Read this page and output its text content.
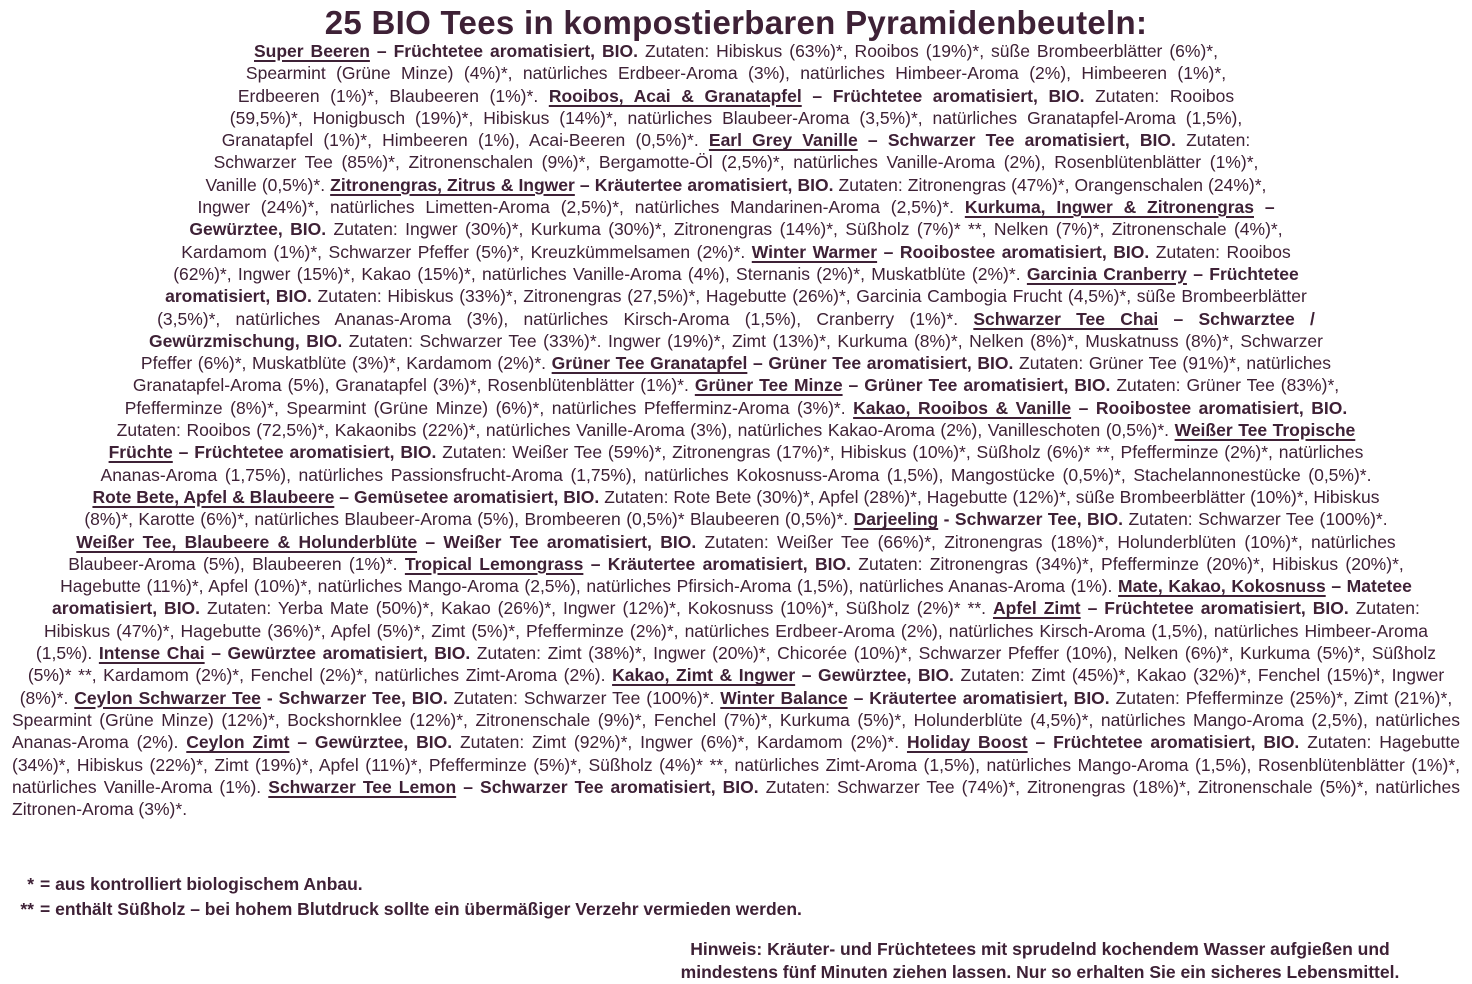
25 BIO Tees in kompostierbaren Pyramidenbeuteln:

Super Beeren – Früchtetee aromatisiert, BIO. Zutaten: Hibiskus (63%)*, Rooibos (19%)*, süße Brombeerblätter (6%)*, Spearmint (Grüne Minze) (4%)*, natürliches Erdbeer-Aroma (3%), natürliches Himbeer-Aroma (2%), Himbeeren (1%)*, Erdbeeren (1%)*, Blaubeeren (1%)*. Rooibos, Acai & Granatapfel – Früchtetee aromatisiert, BIO. Zutaten: Rooibos (59,5%)*, Honigbusch (19%)*, Hibiskus (14%)*, natürliches Blaubeer-Aroma (3,5%)*, natürliches Granatapfel-Aroma (1,5%), Granatapfel (1%)*, Himbeeren (1%), Acai-Beeren (0,5%)*. Earl Grey Vanille – Schwarzer Tee aromatisiert, BIO. Zutaten: Schwarzer Tee (85%)*, Zitronenschalen (9%)*, Bergamotte-Öl (2,5%)*, natürliches Vanille-Aroma (2%), Rosenblütenblätter (1%)*, Vanille (0,5%)*. Zitronengras, Zitrus & Ingwer – Kräutertee aromatisiert, BIO. Zutaten: Zitronengras (47%)*, Orangenschalen (24%)*, Ingwer (24%)*, natürliches Limetten-Aroma (2,5%)*, natürliches Mandarinen-Aroma (2,5%)*. Kurkuma, Ingwer & Zitronengras – Gewürztee, BIO. Zutaten: Ingwer (30%)*, Kurkuma (30%)*, Zitronengras (14%)*, Süßholz (7%)* **, Nelken (7%)*, Zitronenschale (4%)*, Kardamom (1%)*, Schwarzer Pfeffer (5%)*, Kreuzkümmelsamen (2%)*. Winter Warmer – Rooibostee aromatisiert, BIO. Zutaten: Rooibos (62%)*, Ingwer (15%)*, Kakao (15%)*, natürliches Vanille-Aroma (4%), Sternanis (2%)*, Muskatblüte (2%)*. Garcinia Cranberry – Früchtetee aromatisiert, BIO. Zutaten: Hibiskus (33%)*, Zitronengras (27,5%)*, Hagebutte (26%)*, Garcinia Cambogia Frucht (4,5%)*, süße Brombeerblätter (3,5%)*, natürliches Ananas-Aroma (3%), natürliches Kirsch-Aroma (1,5%), Cranberry (1%)*. Schwarzer Tee Chai – Schwarztee / Gewürzmischung, BIO. Zutaten: Schwarzer Tee (33%)*. Ingwer (19%)*, Zimt (13%)*, Kurkuma (8%)*, Nelken (8%)*, Muskatnuss (8%)*, Schwarzer Pfeffer (6%)*, Muskatblüte (3%)*, Kardamom (2%)*. Grüner Tee Granatapfel – Grüner Tee aromatisiert, BIO. Zutaten: Grüner Tee (91%)*, natürliches Granatapfel-Aroma (5%), Granatapfel (3%)*, Rosenblütenblätter (1%)*. Grüner Tee Minze – Grüner Tee aromatisiert, BIO. Zutaten: Grüner Tee (83%)*, Pfefferminze (8%)*, Spearmint (Grüne Minze) (6%)*, natürliches Pfefferminz-Aroma (3%)*. Kakao, Rooibos & Vanille – Rooibostee aromatisiert, BIO. Zutaten: Rooibos (72,5%)*, Kakaonibs (22%)*, natürliches Vanille-Aroma (3%), natürliches Kakao-Aroma (2%), Vanilleschoten (0,5%)*. Weißer Tee Tropische Früchte – Früchtetee aromatisiert, BIO. Zutaten: Weißer Tee (59%)*, Zitronengras (17%)*, Hibiskus (10%)*, Süßholz (6%)* **, Pfefferminze (2%)*, natürliches Ananas-Aroma (1,75%), natürliches Passionsfrucht-Aroma (1,75%), natürliches Kokosnuss-Aroma (1,5%), Mangostücke (0,5%)*, Stachelannonestücke (0,5%)*. Rote Bete, Apfel & Blaubeere – Gemüsetee aromatisiert, BIO. Zutaten: Rote Bete (30%)*, Apfel (28%)*, Hagebutte (12%)*, süße Brombeerblätter (10%)*, Hibiskus (8%)*, Karotte (6%)*, natürliches Blaubeer-Aroma (5%), Brombeeren (0,5%)* Blaubeeren (0,5%)*. Darjeeling - Schwarzer Tee, BIO. Zutaten: Schwarzer Tee (100%)*. Weißer Tee, Blaubeere & Holunderblüte – Weißer Tee aromatisiert, BIO. Zutaten: Weißer Tee (66%)*, Zitronengras (18%)*, Holunderblüten (10%)*, natürliches Blaubeer-Aroma (5%), Blaubeeren (1%)*. Tropical Lemongrass – Kräutertee aromatisiert, BIO. Zutaten: Zitronengras (34%)*, Pfefferminze (20%)*, Hibiskus (20%)*, Hagebutte (11%)*, Apfel (10%)*, natürliches Mango-Aroma (2,5%), natürliches Pfirsich-Aroma (1,5%), natürliches Ananas-Aroma (1%). Mate, Kakao, Kokosnuss – Matetee aromatisiert, BIO. Zutaten: Yerba Mate (50%)*, Kakao (26%)*, Ingwer (12%)*, Kokosnuss (10%)*, Süßholz (2%)* **. Apfel Zimt – Früchtetee aromatisiert, BIO. Zutaten: Hibiskus (47%)*, Hagebutte (36%)*, Apfel (5%)*, Zimt (5%)*, Pfefferminze (2%)*, natürliches Erdbeer-Aroma (2%), natürliches Kirsch-Aroma (1,5%), natürliches Himbeer-Aroma (1,5%). Intense Chai – Gewürztee aromatisiert, BIO. Zutaten: Zimt (38%)*, Ingwer (20%)*, Chicorée (10%)*, Schwarzer Pfeffer (10%), Nelken (6%)*, Kurkuma (5%)*, Süßholz (5%)* **, Kardamom (2%)*, Fenchel (2%)*, natürliches Zimt-Aroma (2%). Kakao, Zimt & Ingwer – Gewürztee, BIO. Zutaten: Zimt (45%)*, Kakao (32%)*, Fenchel (15%)*, Ingwer (8%)*. Ceylon Schwarzer Tee - Schwarzer Tee, BIO. Zutaten: Schwarzer Tee (100%)*. Winter Balance – Kräutertee aromatisiert, BIO. Zutaten: Pfefferminze (25%)*, Zimt (21%)*, Spearmint (Grüne Minze) (12%)*, Bockshornklee (12%)*, Zitronenschale (9%)*, Fenchel (7%)*, Kurkuma (5%)*, Holunderblüte (4,5%)*, natürliches Mango-Aroma (2,5%), natürliches Ananas-Aroma (2%). Ceylon Zimt – Gewürztee, BIO. Zutaten: Zimt (92%)*, Ingwer (6%)*, Kardamom (2%)*. Holiday Boost – Früchtetee aromatisiert, BIO. Zutaten: Hagebutte (34%)*, Hibiskus (22%)*, Zimt (19%)*, Apfel (11%)*, Pfefferminze (5%)*, Süßholz (4%)* **, natürliches Zimt-Aroma (1,5%), natürliches Mango-Aroma (1,5%), Rosenblütenblätter (1%)*, natürliches Vanille-Aroma (1%). Schwarzer Tee Lemon – Schwarzer Tee aromatisiert, BIO. Zutaten: Schwarzer Tee (74%)*, Zitronengras (18%)*, Zitronenschale (5%)*, natürliches Zitronen-Aroma (3%)*.

* = aus kontrolliert biologischem Anbau.
** = enthält Süßholz – bei hohem Blutdruck sollte ein übermäßiger Verzehr vermieden werden.
Hinweis: Kräuter- und Früchtetees mit sprudelnd kochendem Wasser aufgießen und
mindestens fünf Minuten ziehen lassen. Nur so erhalten Sie ein sicheres Lebensmittel.
